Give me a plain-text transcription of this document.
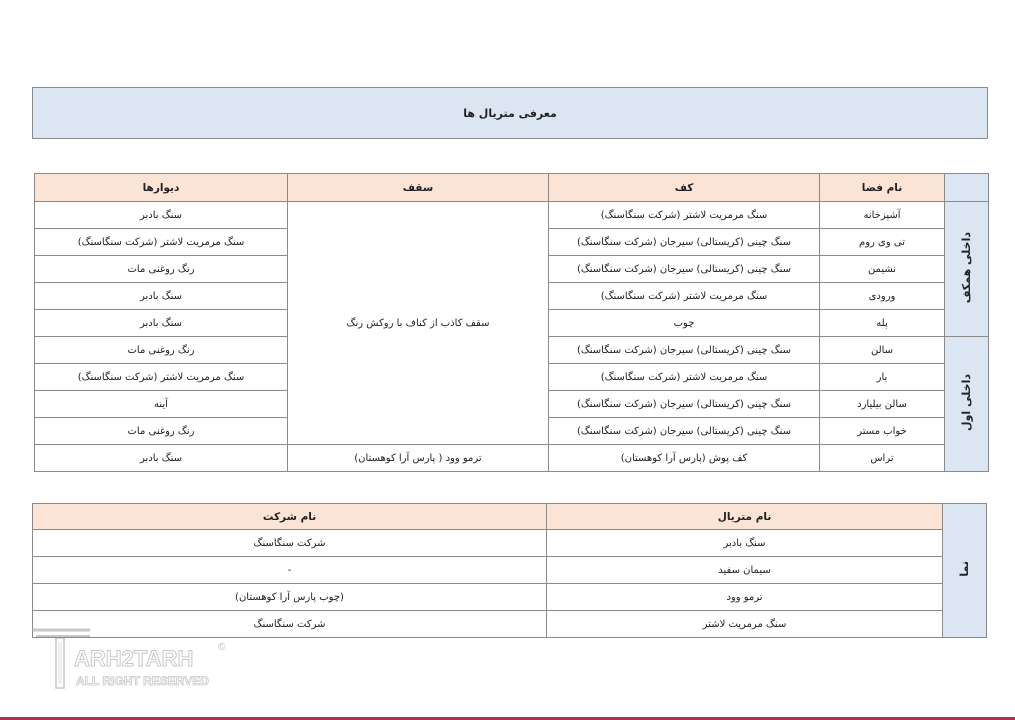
معرفی متریال ها
	نام فضا	کف	سقف	دیوارها
داخلی همکف	آشپزخانه	سنگ مرمریت لاشتر (شرکت سنگاسنگ)	سقف کاذب از کناف با روکش رنگ	سنگ بادبر
	تی وی روم	سنگ چینی (کریستالی) سیرجان (شرکت سنگاسنگ)		سنگ مرمریت لاشتر (شرکت سنگاسنگ)
	نشیمن	سنگ چینی (کریستالی) سیرجان (شرکت سنگاسنگ)		رنگ روغنی مات
	ورودی	سنگ مرمریت لاشتر (شرکت سنگاسنگ)		سنگ بادبر
	پله	چوب		سنگ بادبر
داخلی اول	سالن	سنگ چینی (کریستالی) سیرجان (شرکت سنگاسنگ)		رنگ روغنی مات
	بار	سنگ مرمریت لاشتر (شرکت سنگاسنگ)		سنگ مرمریت لاشتر (شرکت سنگاسنگ)
	سالن بیلیارد	سنگ چینی (کریستالی) سیرجان (شرکت سنگاسنگ)		آینه
	خواب مستر	سنگ چینی (کریستالی) سیرجان (شرکت سنگاسنگ)		رنگ روغنی مات
	تراس	کف پوش (پارس آرا کوهستان)	ترمو وود ( پارس آرا کوهستان)	سنگ بادبر
نما	نام متریال	نام شرکت
	سنگ بادبر	شرکت سنگاسنگ
	سیمان سفید	-
	ترمو وود	(چوب پارس آرا کوهستان)
	سنگ مرمریت لاشتر	شرکت سنگاسنگ
ARH2TARH
ALL RIGHT RESERVED
©
